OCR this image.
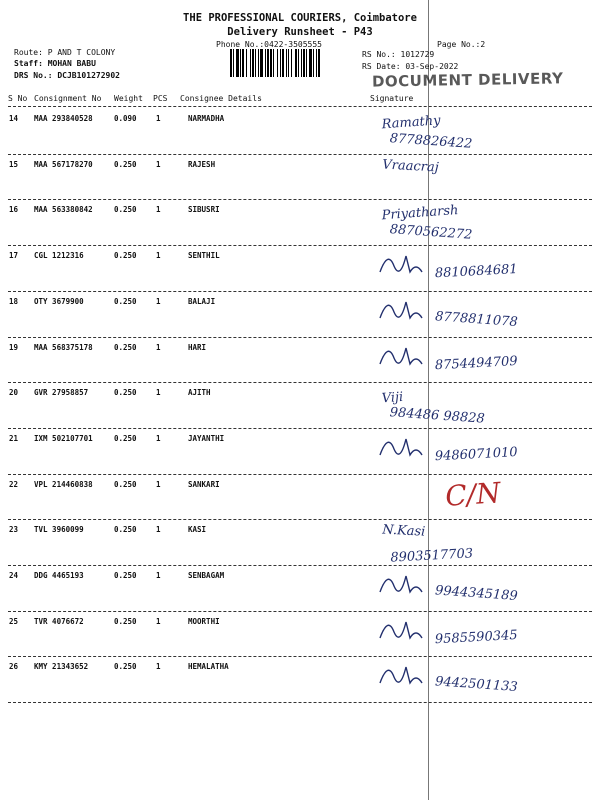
THE PROFESSIONAL COURIERS, Coimbatore
Delivery Runsheet - P43
Phone No.:0422-3505555	Page No.:2
Route: P AND T COLONY
Staff: MOHAN BABU
DRS No.: DCJB101272902
RS No.: 1012729
RS Date: 03-Sep-2022
DOCUMENT DELIVERY
S No Consignment No Weight PCS Consignee Details	Signature
14 MAA 293840528	0.090	1	NARMADHA	Ramathy
8778826422
15 MAA 567178270	0.250	1	RAJESH	Vraacraj
16 MAA 563380842	0.250	1	SIBUSRI	Priyatharsh
8870562272
17 CGL 1212316	0.250	1	SENTHIL
8810684681
18 OTY 3679900	0.250	1	BALAJI
8778811078
19 MAA 568375178	0.250	1	HARI
8754494709
20 GVR 27958857	0.250	1	AJITH	Viji
984486 98828
21 IXM 502107701	0.250	1	JAYANTHI
9486071010
22 VPL 214460838	0.250	1	SANKARI	C/N
23 TVL 3960099	0.250	1	KASI	N.Kasi
8903517703
24 DDG 4465193	0.250	1	SENBAGAM
9944345189
25 TVR 4076672	0.250	1	MOORTHI
9585590345
26 KMY 21343652	0.250	1	HEMALATHA
9442501133
